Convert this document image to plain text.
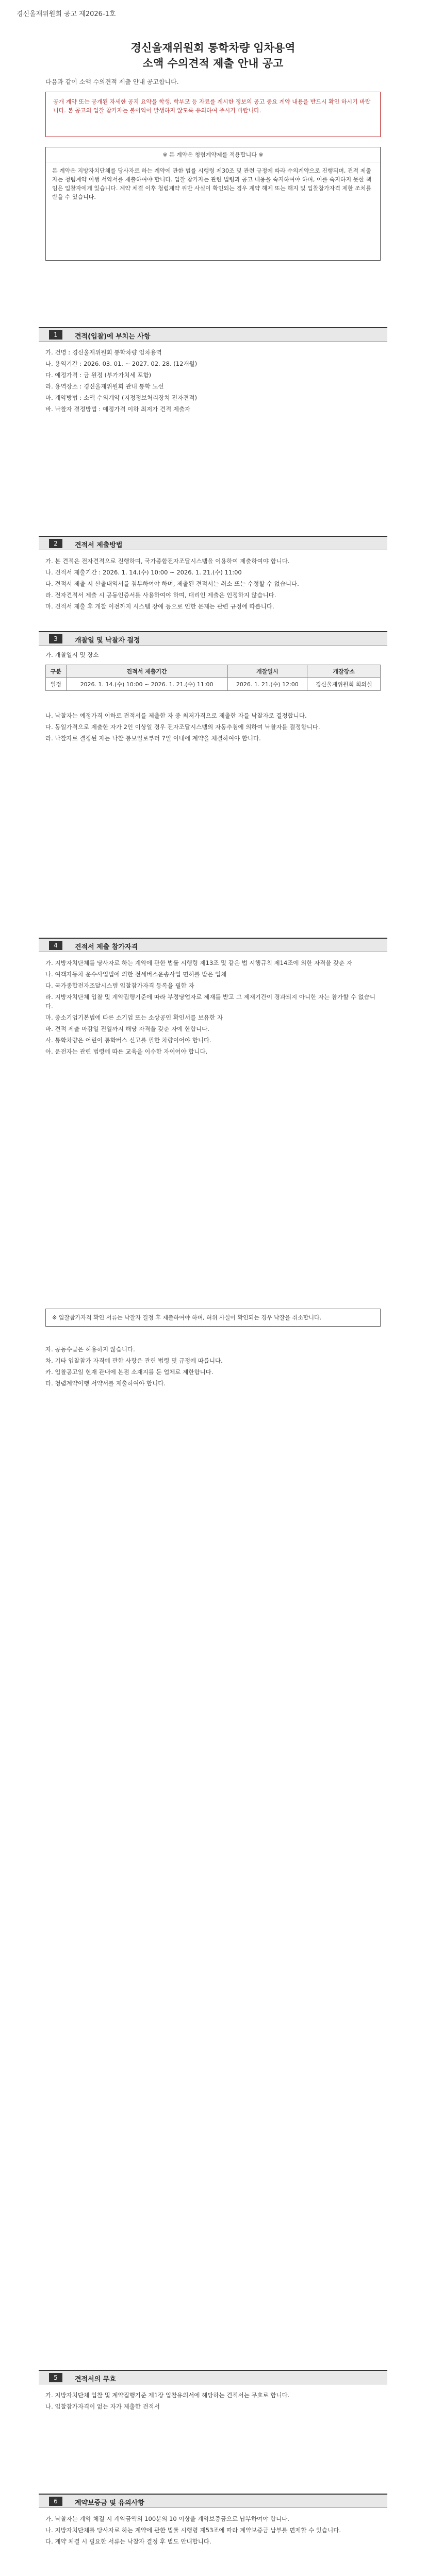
경신울재위원회 공고 제2026-1호
경신울재위원회 통학차량 임차용역
소액 수의견적 제출 안내 공고
다음과 같이 소액 수의견적 제출 안내 공고합니다.
공개 계약 또는 공개된 자세한 공지 요약을 학생, 학부모 등 자료를 게시한 정보의 공고 중요 계약 내용을 반드시 확인 하시기 바랍니다. 본 공고의 입찰 참가자는 불이익이 발생하지 않도록 유의하여 주시기 바랍니다.
※ 본 계약은 청렴계약제를 적용합니다 ※
본 계약은 지방자치단체를 당사자로 하는 계약에 관한 법률 시행령 제30조 및 관련 규정에 따라 수의계약으로 진행되며, 견적 제출자는 청렴계약 이행 서약서를 제출하여야 합니다. 입찰 참가자는 관련 법령과 공고 내용을 숙지하여야 하며, 이를 숙지하지 못한 책임은 입찰자에게 있습니다. 계약 체결 이후 청렴계약 위반 사실이 확인되는 경우 계약 해제 또는 해지 및 입찰참가자격 제한 조치를 받을 수 있습니다.
1	견적(입찰)에 부치는 사항

가. 건명 : 경신울재위원회 통학차량 임차용역

나. 용역기간 : 2026. 03. 01. ~ 2027. 02. 28. (12개월)

다. 예정가격 : 금 원정 (부가가치세 포함)

라. 용역장소 : 경신울재위원회 관내 통학 노선

마. 계약방법 : 소액 수의계약 (지정정보처리장치 전자견적)

바. 낙찰자 결정방법 : 예정가격 이하 최저가 견적 제출자

2	견적서 제출방법

가. 본 견적은 전자견적으로 진행하며, 국가종합전자조달시스템을 이용하여 제출하여야 합니다.

나. 견적서 제출기간 : 2026. 1. 14.(수) 10:00 ~ 2026. 1. 21.(수) 11:00

다. 견적서 제출 시 산출내역서를 첨부하여야 하며, 제출된 견적서는 취소 또는 수정할 수 없습니다.

라. 전자견적서 제출 시 공동인증서를 사용하여야 하며, 대리인 제출은 인정하지 않습니다.

마. 견적서 제출 후 개찰 이전까지 시스템 장애 등으로 인한 문제는 관련 규정에 따릅니다.

3	개찰일 및 낙찰자 결정
가. 개찰일시 및 장소
구분	견적서 제출기간	개찰일시	개찰장소
일정	2026. 1. 14.(수) 10:00 ~ 2026. 1. 21.(수) 11:00	2026. 1. 21.(수) 12:00	경신울재위원회 회의실

나. 낙찰자는 예정가격 이하로 견적서를 제출한 자 중 최저가격으로 제출한 자를 낙찰자로 결정합니다.

다. 동일가격으로 제출한 자가 2인 이상일 경우 전자조달시스템의 자동추첨에 의하여 낙찰자를 결정합니다.

라. 낙찰자로 결정된 자는 낙찰 통보일로부터 7일 이내에 계약을 체결하여야 합니다.

4	견적서 제출 참가자격

가. 지방자치단체를 당사자로 하는 계약에 관한 법률 시행령 제13조 및 같은 법 시행규칙 제14조에 의한 자격을 갖춘 자

나. 여객자동차 운수사업법에 의한 전세버스운송사업 면허를 받은 업체

다. 국가종합전자조달시스템 입찰참가자격 등록을 필한 자

라. 지방자치단체 입찰 및 계약집행기준에 따라 부정당업자로 제재를 받고 그 제재기간이 경과되지 아니한 자는 참가할 수 없습니다.

마. 중소기업기본법에 따른 소기업 또는 소상공인 확인서를 보유한 자

바. 견적 제출 마감일 전일까지 해당 자격을 갖춘 자에 한합니다.

사. 통학차량은 어린이 통학버스 신고를 필한 차량이어야 합니다.

아. 운전자는 관련 법령에 따른 교육을 이수한 자이어야 합니다.

※ 입찰참가자격 확인 서류는 낙찰자 결정 후 제출하여야 하며, 허위 사실이 확인되는 경우 낙찰을 취소합니다.

자. 공동수급은 허용하지 않습니다.

차. 기타 입찰참가 자격에 관한 사항은 관련 법령 및 규정에 따릅니다.

카. 입찰공고일 현재 관내에 본점 소재지를 둔 업체로 제한합니다.

타. 청렴계약이행 서약서를 제출하여야 합니다.

5	견적서의 무효

가. 지방자치단체 입찰 및 계약집행기준 제1장 입찰유의서에 해당하는 견적서는 무효로 합니다.

나. 입찰참가자격이 없는 자가 제출한 견적서

6	계약보증금 및 유의사항

가. 낙찰자는 계약 체결 시 계약금액의 100분의 10 이상을 계약보증금으로 납부하여야 합니다.

나. 지방자치단체를 당사자로 하는 계약에 관한 법률 시행령 제53조에 따라 계약보증금 납부를 면제할 수 있습니다.

다. 계약 체결 시 필요한 서류는 낙찰자 결정 후 별도 안내합니다.
